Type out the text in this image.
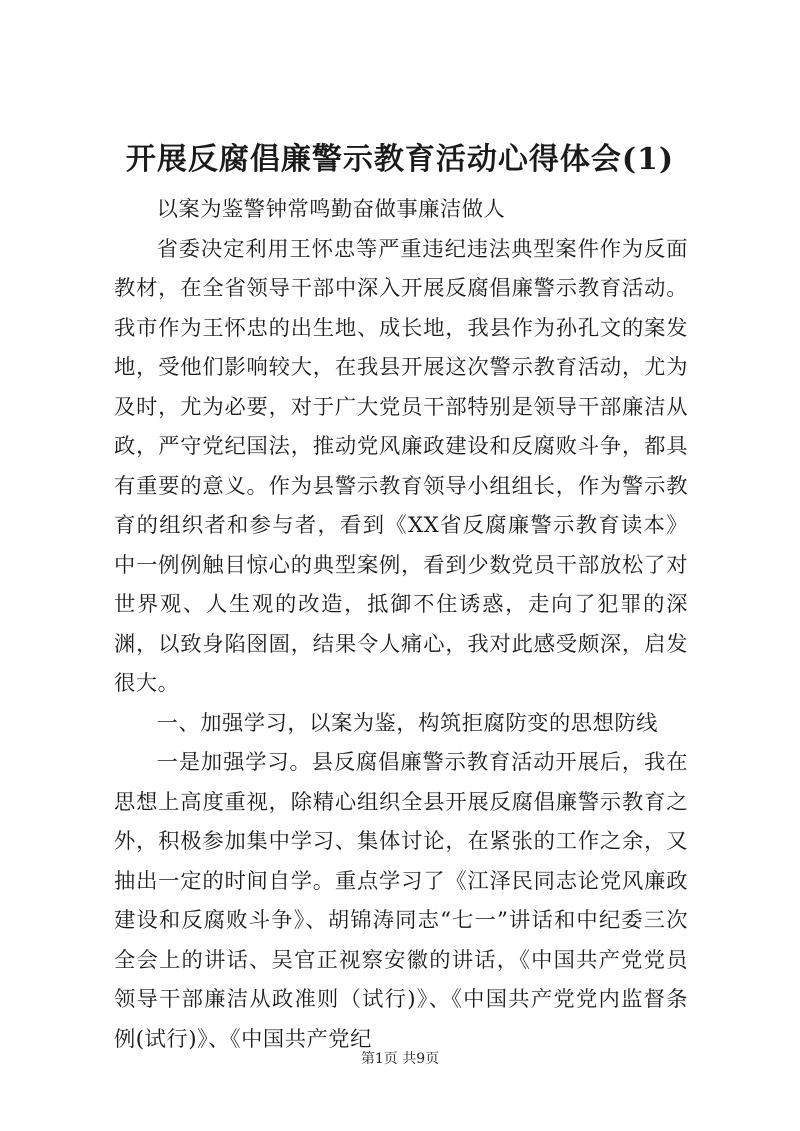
开展反腐倡廉警示教育活动心得体会(1)

以案为鉴警钟常鸣勤奋做事廉洁做人

省委决定利用王怀忠等严重违纪违法典型案件作为反面教材，在全省领导干部中深入开展反腐倡廉警示教育活动。我市作为王怀忠的出生地、成长地，我县作为孙孔文的案发地，受他们影响较大，在我县开展这次警示教育活动，尤为及时，尤为必要，对于广大党员干部特别是领导干部廉洁从政，严守党纪国法，推动党风廉政建设和反腐败斗争，都具有重要的意义。作为县警示教育领导小组组长，作为警示教育的组织者和参与者，看到《XX省反腐廉警示教育读本》中一例例触目惊心的典型案例，看到少数党员干部放松了对世界观、人生观的改造，抵御不住诱惑，走向了犯罪的深渊，以致身陷囹圄，结果令人痛心，我对此感受颇深，启发很大。

一、加强学习，以案为鉴，构筑拒腐防变的思想防线

一是加强学习。县反腐倡廉警示教育活动开展后，我在思想上高度重视，除精心组织全县开展反腐倡廉警示教育之外，积极参加集中学习、集体讨论，在紧张的工作之余，又抽出一定的时间自学。重点学习了《江泽民同志论党风廉政建设和反腐败斗争》、胡锦涛同志“七一”讲话和中纪委三次全会上的讲话、吴官正视察安徽的讲话，《中国共产党党员领导干部廉洁从政准则（试行)》、《中国共产党党内监督条例(试行)》、《中国共产党纪

第1页 共9页
